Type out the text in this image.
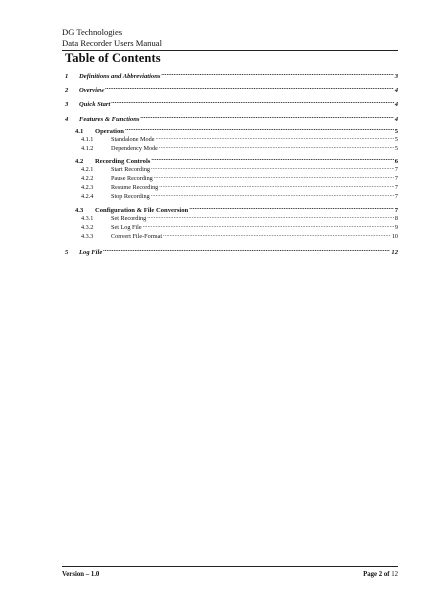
DG Technologies
Data Recorder Users Manual
Table of Contents
1	Definitions and Abbreviations .....	3
2	Overview .....	4
3	Quick Start .....	4
4	Features & Functions .....	4
4.1	Operation .....	5
4.1.1	Standalone Mode .....	5
4.1.2	Dependency Mode .....	5
4.2	Recording Controls .....	6
4.2.1	Start Recording .....	7
4.2.2	Pause Recording .....	7
4.2.3	Resume Recording .....	7
4.2.4	Stop Recording .....	7
4.3	Configuration & File Conversion .....	7
4.3.1	Set Recording .....	8
4.3.2	Set Log File .....	9
4.3.3	Convert File-Format .....	10
5	Log File .....	12
Version – 1.0	Page 2 of 12
